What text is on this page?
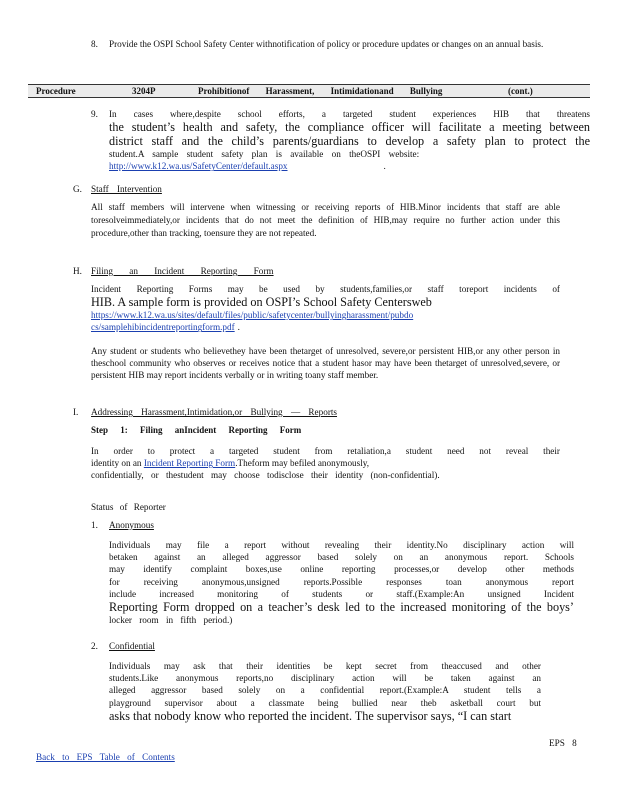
8. Provide the OSPI School Safety Center withnotification of policy or procedure updates or changes on an annual basis.

Procedure	3204P	Prohibitionof Harassment, Intimidationand Bullying	(cont.)
9. In cases where,despite school efforts, a targeted student experiences HIB that threatens

the student’s health and safety, the compliance officer will facilitate a meeting between

district staff and the child’s parents/guardians to develop a safety plan to protect the

student.A sample student safety plan is available on theOSPI website:

http://www.k12.wa.us/SafetyCenter/default.aspx	.

G. Staff Intervention

All staff members will intervene when witnessing or receiving reports of HIB.Minor incidents that staff are able toresolveimmediately,or incidents that do not meet the definition of HIB,may require no further action under this procedure,other than tracking, toensure they are not repeated.

H. Filing an Incident Reporting Form

Incident Reporting Forms may be used by students,families,or staff toreport incidents of

HIB. A sample form is provided on OSPI’s School Safety Centersweb

https://www.k12.wa.us/sites/default/files/public/safetycenter/bullyingharassment/pubdo

cs/samplehibincidentreportingform.pdf .

Any student or students who believethey have been thetarget of unresolved, severe,or persistent HIB,or any other person in theschool community who observes or receives notice that a student hasor may have been thetarget of unresolved,severe, or persistent HIB may report incidents verbally or in writing toany staff member.

I. Addressing Harassment,Intimidation,or Bullying — Reports
Step 1: Filing anIncident Reporting Form

In order to protect a targeted student from retaliation,a student need not reveal their

identity on an Incident Reporting Form.Theform may befiled anonymously,

confidentially, or thestudent may choose todisclose their identity (non-confidential).

Status of Reporter
1. Anonymous

Individuals may file a report without revealing their identity.No disciplinary action will

betaken against an alleged aggressor based solely on an anonymous report. Schools

may identify complaint boxes,use online reporting processes,or develop other methods

for receiving anonymous,unsigned reports.Possible responses toan anonymous report

include increased monitoring of students or staff.(Example:An unsigned Incident

Reporting Form dropped on a teacher’s desk led to the increased monitoring of the boys’

locker room in fifth period.)

2. Confidential

Individuals may ask that their identities be kept secret from theaccused and other

students.Like anonymous reports,no disciplinary action will be taken against an

alleged aggressor based solely on a confidential report.(Example:A student tells a

playground supervisor about a classmate being bullied near theb asketball court but

asks that nobody know who reported the incident. The supervisor says, “I can start

EPS 8
Back to EPS Table of Contents
